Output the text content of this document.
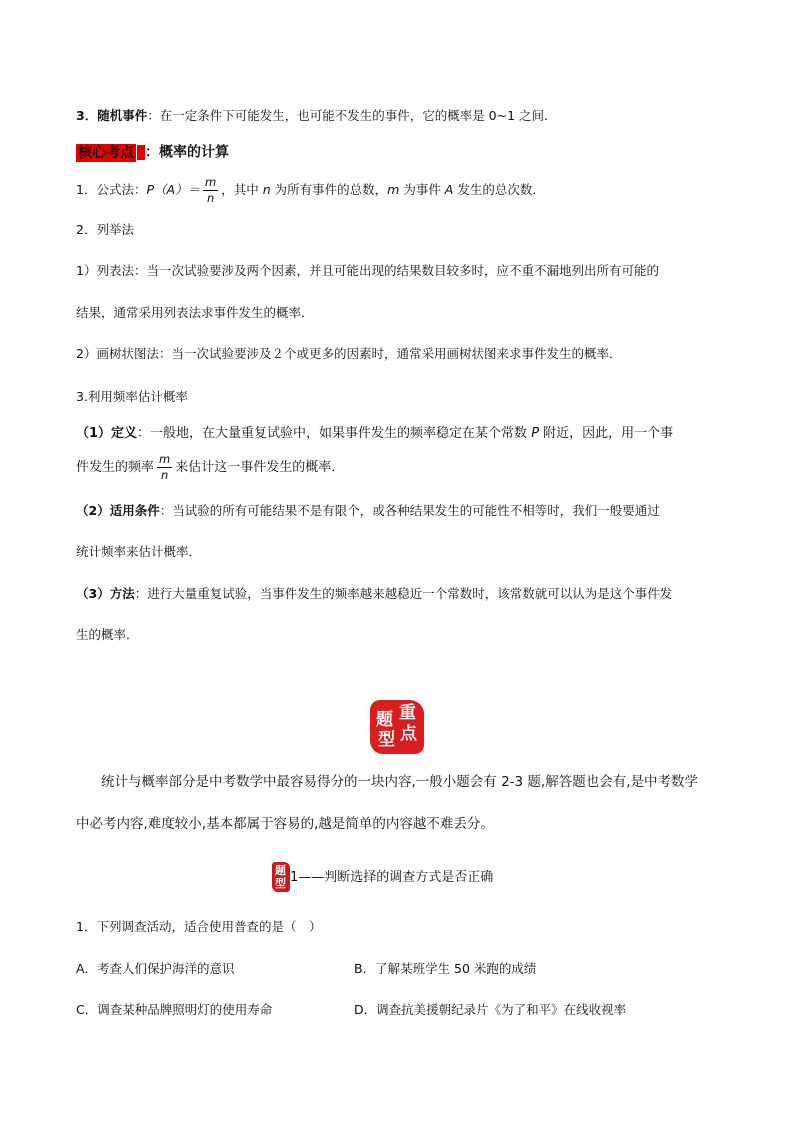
3．随机事件：在一定条件下可能发生，也可能不发生的事件，它的概率是 0~1 之间．
核心考点 ：概率的计算
1．公式法：$P(A)= \frac{m}{n}$ ，其中 n 为所有事件的总数，m 为事件 A 发生的总次数．
2．列举法
1）列表法：当一次试验要涉及两个因素，并且可能出现的结果数目较多时，应不重不漏地列出所有可能的
结果，通常采用列表法求事件发生的概率．
2）画树状图法：当一次试验要涉及２个或更多的因素时，通常采用画树状图来求事件发生的概率．
3.利用频率估计概率
（1）定义：一般地，在大量重复试验中，如果事件发生的频率稳定在某个常数 P 附近，因此，用一个事
件发生的频率 $\frac{m}{n}$ 来估计这一事件发生的概率．
（2）适用条件：当试验的所有可能结果不是有限个，或各种结果发生的可能性不相等时，我们一般要通过
统计频率来估计概率．
（3）方法：进行大量重复试验，当事件发生的频率越来越稳近一个常数时，该常数就可以认为是这个事件发
生的概率．
题 重
型 点
统计与概率部分是中考数学中最容易得分的一块内容,一般小题会有 2-3 题,解答题也会有,是中考数学
中必考内容,难度较小,基本都属于容易的,越是简单的内容越不难丢分。
题
型 1——判断选择的调查方式是否正确
1．下列调查活动，适合使用普查的是（　）
A．考查人们保护海洋的意识	B．了解某班学生 50 米跑的成绩
C．调查某种品牌照明灯的使用寿命	D．调查抗美援朝纪录片《为了和平》在线收视率
